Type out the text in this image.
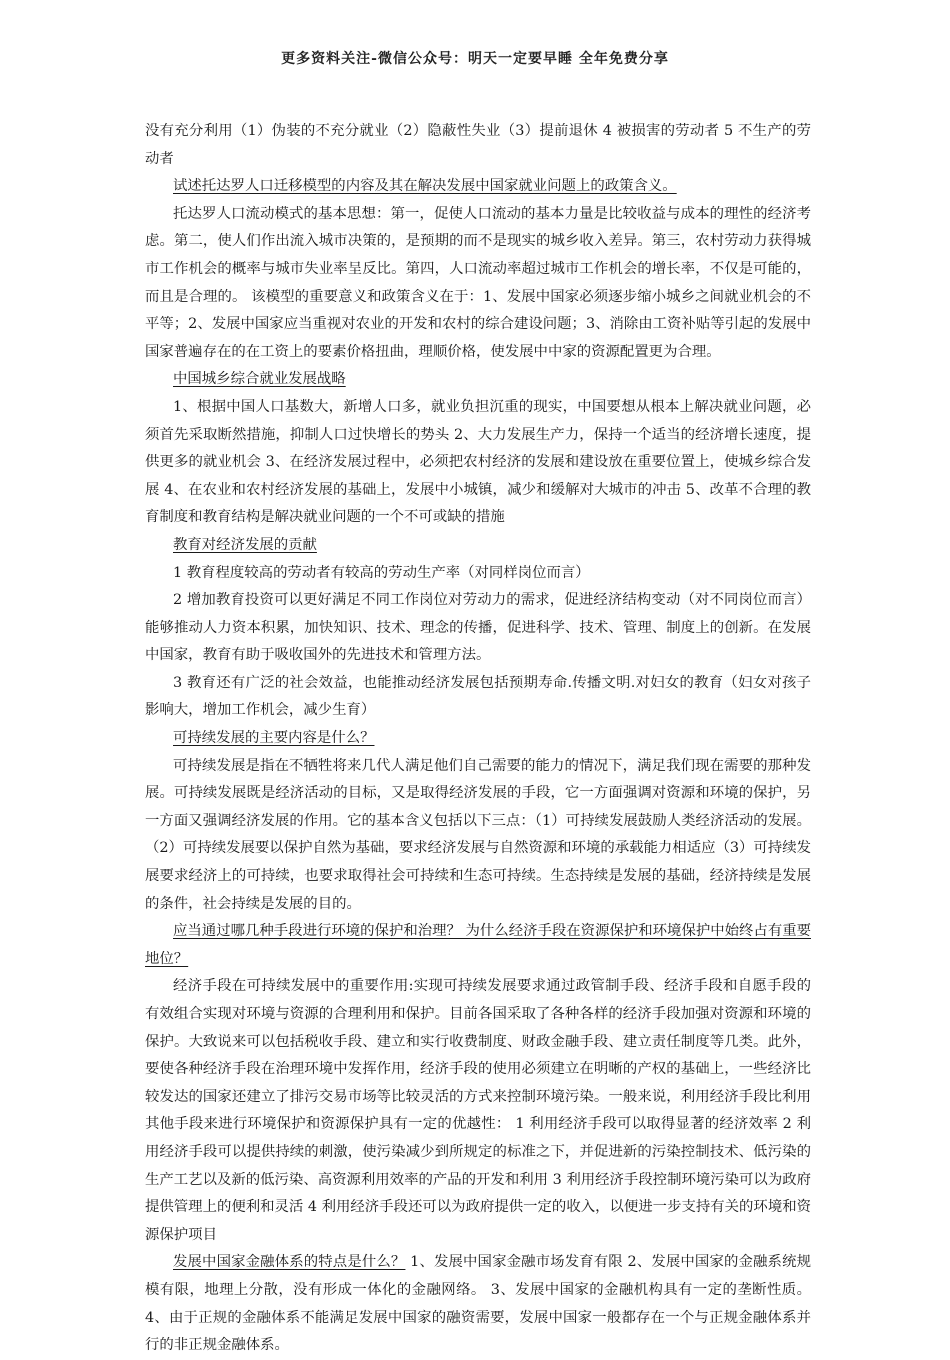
更多资料关注-微信公众号：明天一定要早睡 全年免费分享

没有充分利用（1）伪装的不充分就业（2）隐蔽性失业（3）提前退休 4 被损害的劳动者 5 不生产的劳动者

试述托达罗人口迁移模型的内容及其在解决发展中国家就业问题上的政策含义。

托达罗人口流动模式的基本思想：第一，促使人口流动的基本力量是比较收益与成本的理性的经济考虑。第二，使人们作出流入城市决策的，是预期的而不是现实的城乡收入差异。第三，农村劳动力获得城市工作机会的概率与城市失业率呈反比。第四，人口流动率超过城市工作机会的增长率，不仅是可能的，而且是合理的。 该模型的重要意义和政策含义在于：1、发展中国家必须逐步缩小城乡之间就业机会的不平等；2、发展中国家应当重视对农业的开发和农村的综合建设问题；3、消除由工资补贴等引起的发展中国家普遍存在的在工资上的要素价格扭曲，理顺价格，使发展中中家的资源配置更为合理。

中国城乡综合就业发展战略

1、根据中国人口基数大，新增人口多，就业负担沉重的现实，中国要想从根本上解决就业问题，必须首先采取断然措施，抑制人口过快增长的势头 2、大力发展生产力，保持一个适当的经济增长速度，提供更多的就业机会 3、在经济发展过程中，必须把农村经济的发展和建设放在重要位置上，使城乡综合发展 4、在农业和农村经济发展的基础上，发展中小城镇，减少和缓解对大城市的冲击 5、改革不合理的教育制度和教育结构是解决就业问题的一个不可或缺的措施

教育对经济发展的贡献

1 教育程度较高的劳动者有较高的劳动生产率（对同样岗位而言）

2 增加教育投资可以更好满足不同工作岗位对劳动力的需求，促进经济结构变动（对不同岗位而言）能够推动人力资本积累，加快知识、技术、理念的传播，促进科学、技术、管理、制度上的创新。在发展中国家，教育有助于吸收国外的先进技术和管理方法。

3 教育还有广泛的社会效益，也能推动经济发展包括预期寿命.传播文明.对妇女的教育（妇女对孩子影响大，增加工作机会，减少生育）

可持续发展的主要内容是什么？

可持续发展是指在不牺牲将来几代人满足他们自己需要的能力的情况下，满足我们现在需要的那种发展。可持续发展既是经济活动的目标，又是取得经济发展的手段，它一方面强调对资源和环境的保护，另一方面又强调经济发展的作用。它的基本含义包括以下三点：（1）可持续发展鼓励人类经济活动的发展。（2）可持续发展要以保护自然为基础，要求经济发展与自然资源和环境的承载能力相适应（3）可持续发展要求经济上的可持续，也要求取得社会可持续和生态可持续。生态持续是发展的基础，经济持续是发展的条件，社会持续是发展的目的。

应当通过哪几种手段进行环境的保护和治理？ 为什么经济手段在资源保护和环境保护中始终占有重要地位？

经济手段在可持续发展中的重要作用:实现可持续发展要求通过政管制手段、经济手段和自愿手段的有效组合实现对环境与资源的合理利用和保护。目前各国采取了各种各样的经济手段加强对资源和环境的保护。大致说来可以包括税收手段、建立和实行收费制度、财政金融手段、建立责任制度等几类。此外，要使各种经济手段在治理环境中发挥作用，经济手段的使用必须建立在明晰的产权的基础上，一些经济比较发达的国家还建立了排污交易市场等比较灵活的方式来控制环境污染。一般来说，利用经济手段比利用其他手段来进行环境保护和资源保护具有一定的优越性： 1 利用经济手段可以取得显著的经济效率 2 利用经济手段可以提供持续的刺激，使污染减少到所规定的标准之下，并促进新的污染控制技术、低污染的生产工艺以及新的低污染、高资源利用效率的产品的开发和利用 3 利用经济手段控制环境污染可以为政府提供管理上的便利和灵活 4 利用经济手段还可以为政府提供一定的收入，以便进一步支持有关的环境和资源保护项目

发展中国家金融体系的特点是什么？ 1、发展中国家金融市场发育有限 2、发展中国家的金融系统规模有限，地理上分散，没有形成一体化的金融网络。 3、发展中国家的金融机构具有一定的垄断性质。4、由于正规的金融体系不能满足发展中国家的融资需要，发展中国家一般都存在一个与正规金融体系并行的非正规金融体系。
